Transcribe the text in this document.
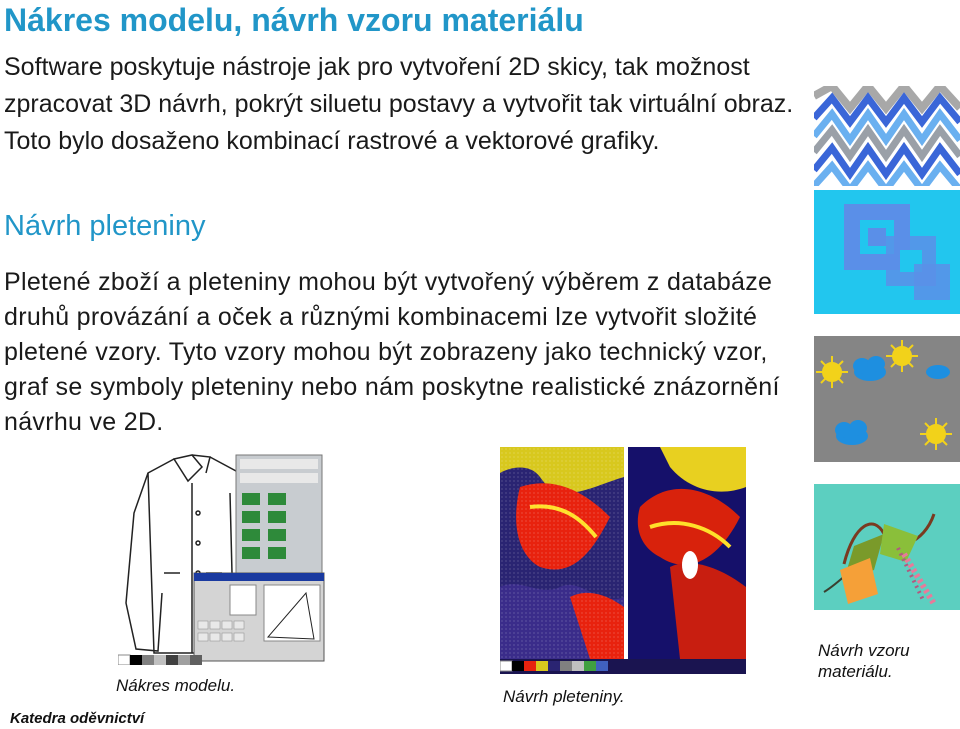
Nákres modelu, návrh vzoru materiálu
Software poskytuje nástroje jak pro vytvoření 2D skicy, tak možnost zpracovat 3D návrh, pokrýt siluetu postavy a vytvořit tak virtuální obraz. Toto bylo dosaženo kombinací rastrové a vektorové grafiky.
Návrh pleteniny
Pletené zboží a pleteniny mohou být vytvořený výběrem z databáze druhů provázání a oček a různými kombinacemi lze vytvořit složité pletené vzory. Tyto vzory mohou být zobrazeny jako technický vzor, graf se symboly pleteniny nebo nám poskytne realistické znázornění návrhu ve 2D.
Návrh vzoru materiálu.
Nákres modelu.
Návrh pleteniny.
Katedra oděvnictví
